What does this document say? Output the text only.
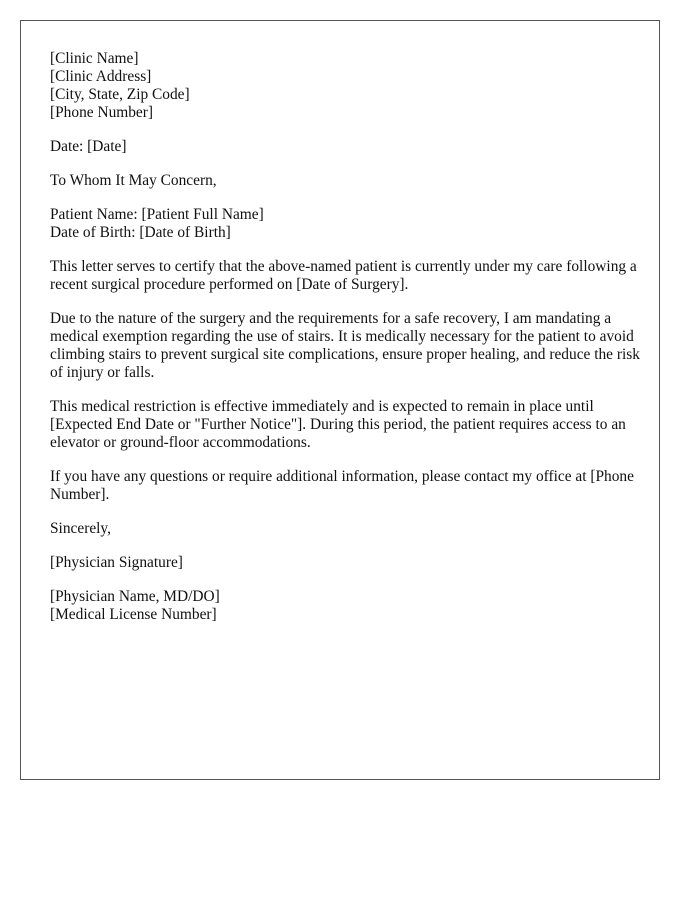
[Clinic Name]
[Clinic Address]
[City, State, Zip Code]
[Phone Number]
Date: [Date]
To Whom It May Concern,
Patient Name: [Patient Full Name]
Date of Birth: [Date of Birth]

This letter serves to certify that the above-named patient is currently under my care following a recent surgical procedure performed on [Date of Surgery].

Due to the nature of the surgery and the requirements for a safe recovery, I am mandating a medical exemption regarding the use of stairs. It is medically necessary for the patient to avoid climbing stairs to prevent surgical site complications, ensure proper healing, and reduce the risk of injury or falls.

This medical restriction is effective immediately and is expected to remain in place until [Expected End Date or "Further Notice"]. During this period, the patient requires access to an elevator or ground-floor accommodations.

If you have any questions or require additional information, please contact my office at [Phone Number].

Sincerely,
[Physician Signature]
[Physician Name, MD/DO]
[Medical License Number]
